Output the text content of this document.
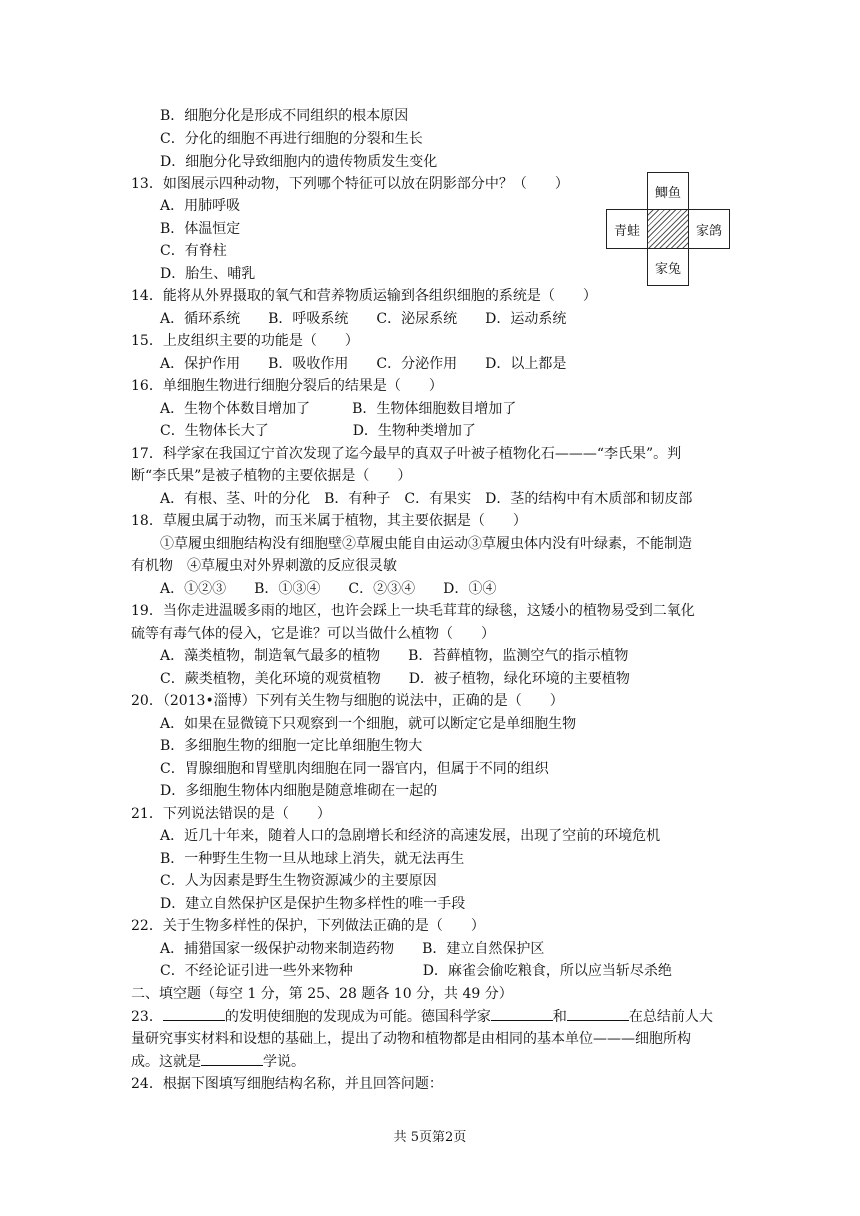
B．细胞分化是形成不同组织的根本原因
C．分化的细胞不再进行细胞的分裂和生长
D．细胞分化导致细胞内的遗传物质发生变化
13．如图展示四种动物，下列哪个特征可以放在阴影部分中？（　　）
A．用肺呼吸
B．体温恒定
C．有脊柱
D．胎生、哺乳
鲫鱼
青蛙	家鸽
家兔
14．能将从外界摄取的氧气和营养物质运输到各组织细胞的系统是（　　）
A．循环系统　　B．呼吸系统　　C．泌尿系统　　D．运动系统
15．上皮组织主要的功能是（　　）
A．保护作用　　B．吸收作用　　C．分泌作用　　D．以上都是
16．单细胞生物进行细胞分裂后的结果是（　　）
A．生物个体数目增加了　　　B．生物体细胞数目增加了
C．生物体长大了　　　　　　D．生物种类增加了
17．科学家在我国辽宁首次发现了迄今最早的真双子叶被子植物化石———“李氏果”。判
断“李氏果”是被子植物的主要依据是（　　）
A．有根、茎、叶的分化　B．有种子　C．有果实　D．茎的结构中有木质部和韧皮部
18．草履虫属于动物，而玉米属于植物，其主要依据是（　　）
①草履虫细胞结构没有细胞壁②草履虫能自由运动③草履虫体内没有叶绿素，不能制造
有机物　④草履虫对外界刺激的反应很灵敏
A．①②③　　B．①③④　　C．②③④　　D．①④
19．当你走进温暖多雨的地区，也许会踩上一块毛茸茸的绿毯，这矮小的植物易受到二氧化
硫等有毒气体的侵入，它是谁？可以当做什么植物（　　）
A．藻类植物，制造氧气最多的植物　　B．苔藓植物，监测空气的指示植物
C．蕨类植物，美化环境的观赏植物　　D．被子植物，绿化环境的主要植物
20．（2013•淄博）下列有关生物与细胞的说法中，正确的是（　　）
A．如果在显微镜下只观察到一个细胞，就可以断定它是单细胞生物
B．多细胞生物的细胞一定比单细胞生物大
C．胃腺细胞和胃壁肌肉细胞在同一器官内，但属于不同的组织
D．多细胞生物体内细胞是随意堆砌在一起的
21．下列说法错误的是（　　）
A．近几十年来，随着人口的急剧增长和经济的高速发展，出现了空前的环境危机
B．一种野生生物一旦从地球上消失，就无法再生
C．人为因素是野生生物资源减少的主要原因
D．建立自然保护区是保护生物多样性的唯一手段
22．关于生物多样性的保护，下列做法正确的是（　　）
A．捕猎国家一级保护动物来制造药物　　B．建立自然保护区
C．不经论证引进一些外来物种　　　　　D．麻雀会偷吃粮食，所以应当斩尽杀绝
二、填空题（每空 1 分，第 25、28 题各 10 分，共 49 分）
23．	的发明使细胞的发现成为可能。德国科学家	和	在总结前人大
量研究事实材料和设想的基础上，提出了动物和植物都是由相同的基本单位———细胞所构
成。这就是	学说。
24．根据下图填写细胞结构名称，并且回答问题：
共 5页第2页
